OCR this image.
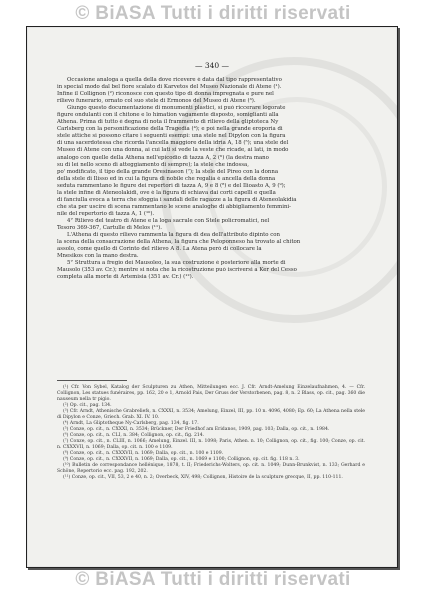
© BiASA Tutti i diritti riservati
— 340 —
Occasione analoga a quella della dove ricevere è data dal tipo rappresentativo
in special modo dal bel fiore scalato di Karvetos del Museo Nazionale di Atene (¹).
Infine il Collignon (²) riconosce con questo tipo di donna impregnata e pure nel
rilievo funerario, ornato col suo stele di Ermonos del Museo di Atene (³).
Giungo questo documentazione di monumenti plastici, si può riccerare logorate
figure ondulanti con il chitone e lo himation vagamente disposto, somiglianti alla
Athena. Prima di tutto è degna di nota il frammento di rilievo della gliptoteca Ny
Carlsberg con la personificazione della Tragedia (⁴); e poi nella grande eroporia di
stele attiche si possono citare i seguenti esempi: una stele nel Dipylon con la figura
di una sacerdotessa che ricorda l'ancella maggiore della idria A, 18 (⁵); una stele del
Museo di Atene con una donna, ai cui lati si vede la veste che ricade, ai lati, in modo
analogo con quelle della Athena nell'epicodio di tazza A, 2 (⁶) (la destra mano
su di lei nello sceno di atteggiamento di sempre); la stele che indossa,
po' modificato, il tipo della grande Oresinaeon (⁷); la stele del Pireo con la donna
della stele di Ilisso ed in cui la figura di nobile che regalia è ancella della donna
seduta rammentano le figure dei repertori di tazza A, 9 e 8 (⁸) e del Ilioasto A, 9 (⁹);
la stele infine di Ateneolakidi, ove è la figura di schiava dai corti capelli e quella
di fanciulla evoca a terra che sfoggia i sandali delle ragazze a la figura di Ateneolakidia
che sta per uscire di scena rammentano le scene analoghe di abbigliamento femmini-
nile del repertorio di tazza A, 1 (¹⁰).
4° Rilievo del teatro di Atene e la loga sacrale con Stele policromatici, nel
Tesoro 369-367, Cartulle di Melos (¹¹).
L'Athena di questo rilievo rammenta la figura di dea dell'attributo dipinto con
la scena della consacrazione della Athena, la figura che Peloponneso ha trovato al chiton
assolo, come quello di Corinto del rilievo A 8. La Atena però di collocare la
Mnesikos con la mano destra.
5° Struttura a fregio dei Mausoleo, la sua costruzione è posteriore alla morte di
Mausolo (353 av. Cr.); mentre si nota che la ricostruzione può iscriversi a Ker del Cesso
completa alla morte di Artemisia (351 av. Cr.) (¹²).

(¹) Cfr. Von Sybel, Katalog der Sculpturen zu Athen, Mitteilungen ecc. J. Cfr. Arndt-Amelung Einzelaufnahmen, 4. — Cfr. Collignon, Les statues funéraires, pp. 162, 20 e 1, Arnold Pais, Der Gruss der Verstorbenen, pag. 8, n. 2 Blass, op. cit., pag. 360 die nauseum nella tr pigio.

(²) Op. cit., pag. 134.

(³) Cfr. Arndt, Athenische Grabreliefs, n. CXXXI, n. 3534; Amelung, Einzel, III, pp. 10 n. 4096, 4080; Ep. 60; La Athena nella stele di Dipylon e Conze, Griech. Grab. XI. IV. 10.

(⁴) Arndt, La Gliptotheque Ny-Carlsberg, pag. 134, fig. 17.

(⁵) Conze, op. cit., n. CXXXI, n. 3534; Brückner, Der Friedhof am Eridanos, 1909, pag. 103; Dalla, op. cit., n. 1984.

(⁶) Conze, op. cit., n. CLI, n. 384; Collignon, op. cit., fig. 214.

(⁷) Conze, op. cit., n. CLIII, n. 1066; Amelung, Einzel. III, n. 1098; Paris, Athen. n. 10; Collignon, op. cit., fig. 100; Conze, op. cit. n. CXXXVII, n. 1069; Dalla, op. cit. n. 100 e 1109.

(⁸) Conze, op. cit., n. CXXXVII, n. 1069; Dalla, op. cit., n. 100 e 1109.

(⁹) Conze, op. cit., n. CXXXVII, n. 1069; Dalla, op. cit., n. 1069 e 1100; Collignon, op. cit. fig. 118 n. 3.

(¹⁰) Bulletin de correspondance hellénique, 1878, t. II; Friederichs-Wolters, op. cit. n. 1049; Dunn-Brunkvist, n. 133; Gerhard e Schöne, Repertorio ecc. pag. 192, 202.

(¹¹) Conze, op. cit., VII, 53, 2 e 40, n. 2; Overbeck, XIV, 498; Collignon, Histoire de la sculpture grecque, II, pp. 110-111.

© BiASA Tutti i diritti riservati
